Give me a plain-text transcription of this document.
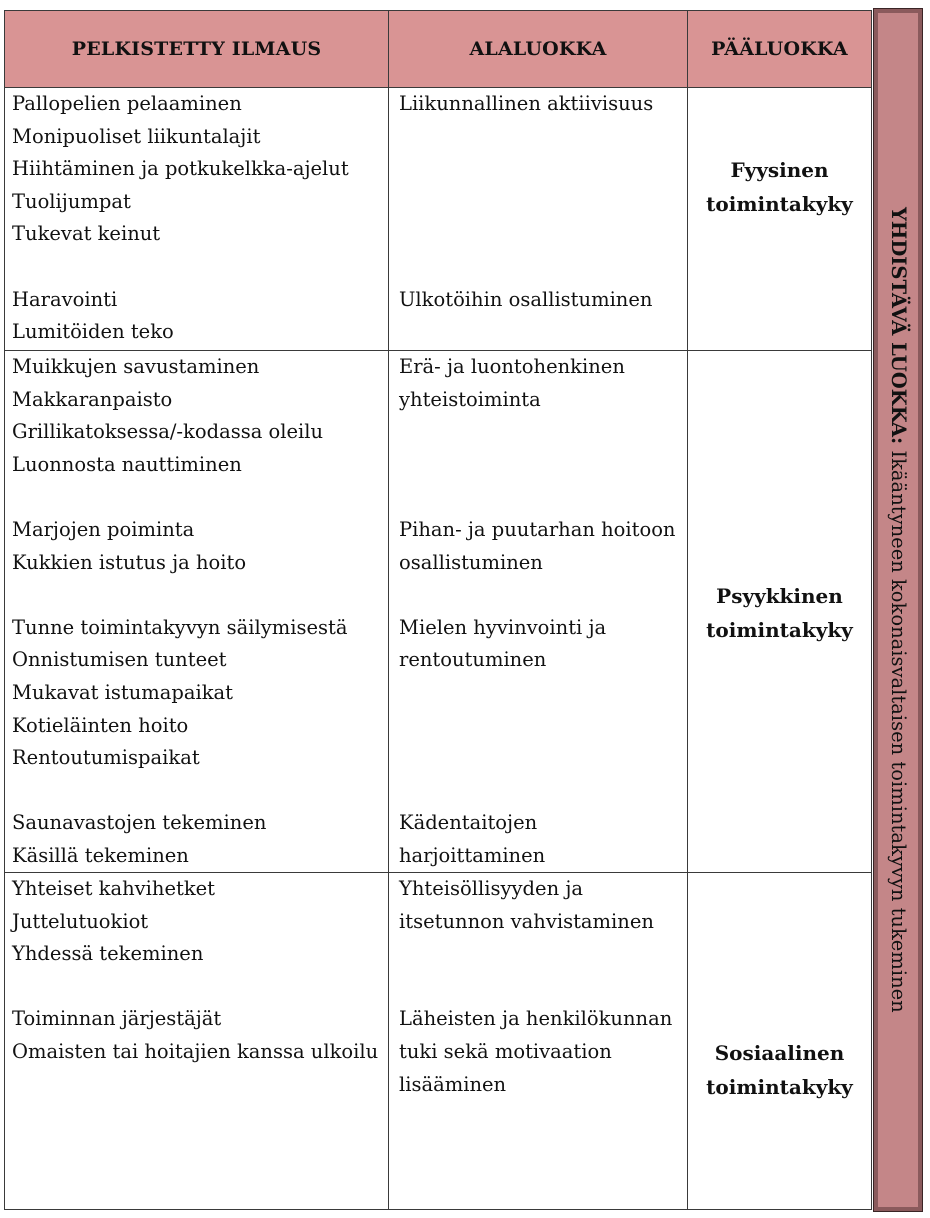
PELKISTETTY ILMAUS	ALALUOKKA	PÄÄLUOKKA
Pallopelien pelaaminen
Monipuoliset liikuntalajit
Hiihtäminen ja potkukelkka-ajelut
Tuolijumpat
Tukevat keinut

Haravointi
Lumitöiden teko
Liikunnallinen aktiivisuus

Ulkotöihin osallistuminen
Fyysinen
toimintakyky
Muikkujen savustaminen
Makkaranpaisto
Grillikatoksessa/-kodassa oleilu
Luonnosta nauttiminen

Marjojen poiminta
Kukkien istutus ja hoito

Tunne toimintakyvyn säilymisestä
Onnistumisen tunteet
Mukavat istumapaikat
Kotieläinten hoito
Rentoutumispaikat

Saunavastojen tekeminen
Käsillä tekeminen
Erä- ja luontohenkinen
yhteistoiminta

Pihan- ja puutarhan hoitoon
osallistuminen

Mielen hyvinvointi ja
rentoutuminen

Kädentaitojen
harjoittaminen
Psyykkinen
toimintakyky
Yhteiset kahvihetket
Juttelutuokiot
Yhdessä tekeminen

Toiminnan järjestäjät
Omaisten tai hoitajien kanssa ulkoilu
Yhteisöllisyyden ja
itsetunnon vahvistaminen

Läheisten ja henkilökunnan
tuki sekä motivaation
lisääminen
Sosiaalinen
toimintakyky
YHDISTÄVÄ LUOKKA: Ikääntyneen kokonaisvaltaisen toimintakyvyn tukeminen
